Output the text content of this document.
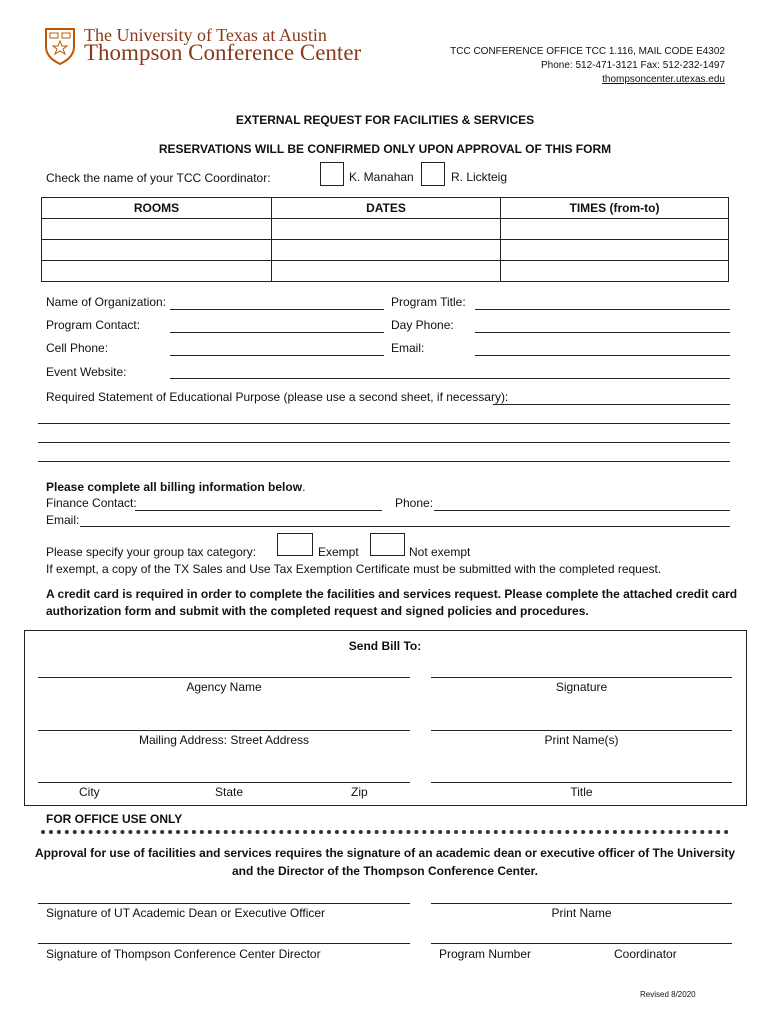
The University of Texas at Austin
Thompson Conference Center	TCC CONFERENCE OFFICE TCC 1.116, MAIL CODE E4302
Phone: 512-471-3121 Fax: 512-232-1497
thompsoncenter.utexas.edu
EXTERNAL REQUEST FOR FACILITIES & SERVICES
RESERVATIONS WILL BE CONFIRMED ONLY UPON APPROVAL OF THIS FORM
Check the name of your TCC Coordinator:	K. Manahan	R. Lickteig
ROOMS	DATES	TIMES (from-to)

Name of Organization:	Program Title:
Program Contact:	Day Phone:
Cell Phone:	Email:
Event Website:
Required Statement of Educational Purpose (please use a second sheet, if necessary):
Please complete all billing information below.
Finance Contact:	Phone:
Email:
Please specify your group tax category:	Exempt	Not exempt
If exempt, a copy of the TX Sales and Use Tax Exemption Certificate must be submitted with the completed request.
A credit card is required in order to complete the facilities and services request. Please complete the attached credit card
authorization form and submit with the completed request and signed policies and procedures.
Send Bill To:
Agency Name	Signature
Mailing Address: Street Address	Print Name(s)
City	State	Zip	Title
FOR OFFICE USE ONLY
Approval for use of facilities and services requires the signature of an academic dean or executive officer of The University
and the Director of the Thompson Conference Center.
Signature of UT Academic Dean or Executive Officer	Print Name
Signature of Thompson Conference Center Director	Program Number	Coordinator
Revised 8/2020
